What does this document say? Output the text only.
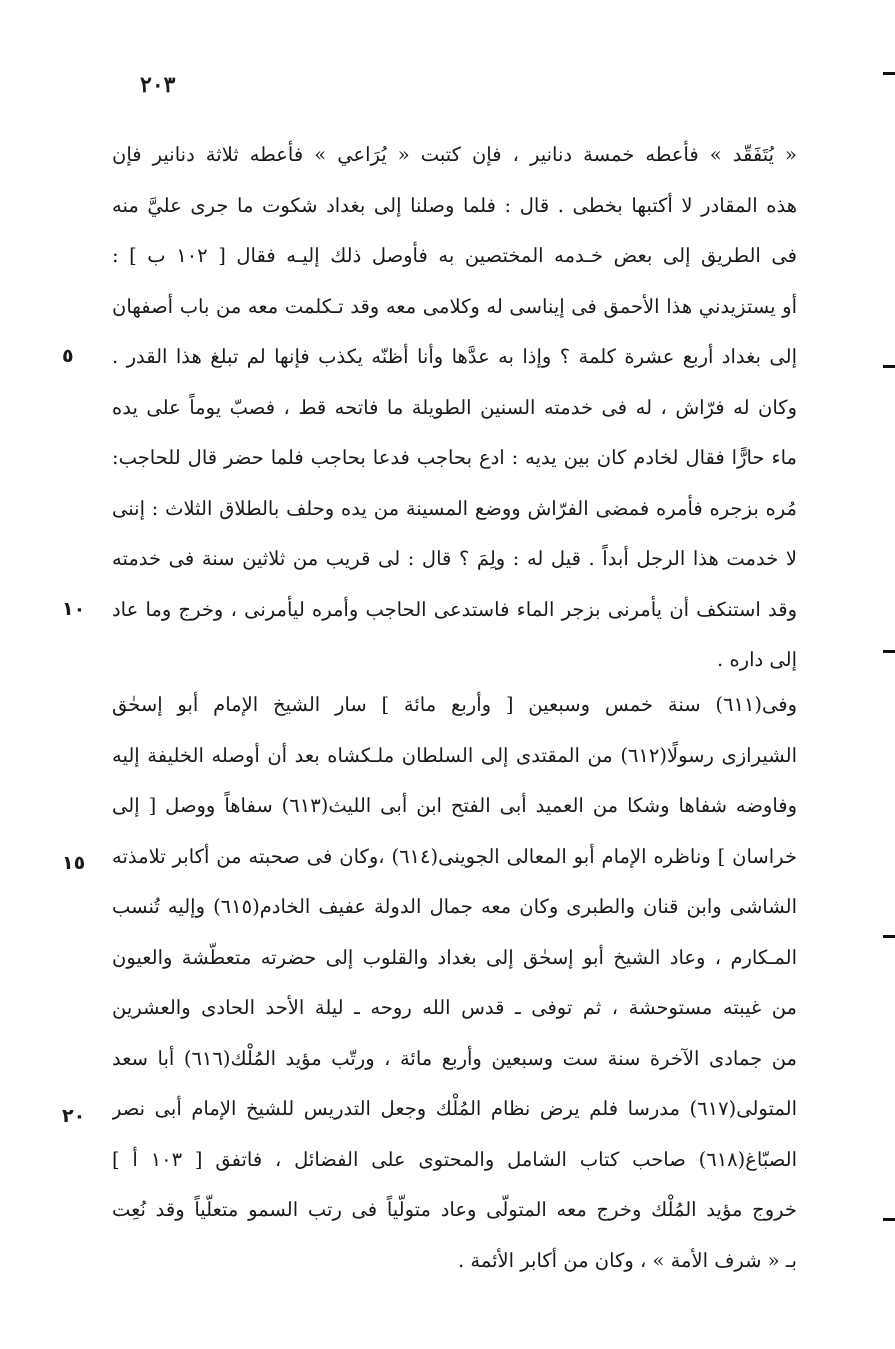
٢٠٣
٥
١٠
١٥
٢٠
« يُتَفَقّد » فأعطه خمسة دنانير ، فإن كتبت « يُرَاعي » فأعطه ثلاثة دنانير فإن
هذه المقادر لا أكتبها بخطى . قال : فلما وصلنا إلى بغداد شكوت ما جرى عليَّ منه
فى الطريق إلى بعض خـدمه المختصين به فأوصل ذلك إليـه فقال [ ١٠٢ ب ] :
أو يستزيدني هذا الأحمق فى إيناسى له وكلامى معه وقد تـكلمت معه من باب أصفهان
إلى بغداد أربع عشرة كلمة ؟ وإذا به عدَّها وأنا أظنّه يكذب فإنها لم تبلغ هذا القدر .
وكان له فرّاش ، له فى خدمته السنين الطويلة ما فاتحه قط ، فصبّ يوماً على يده
ماء حارًّا فقال لخادم كان بين يديه : ادع بحاجب فدعا بحاجب فلما حضر قال للحاجب:
مُره بزجره فأمره فمضى الفرّاش ووضع المسينة من يده وحلف بالطلاق الثلاث : إننى
لا خدمت هذا الرجل أبداً . قيل له : ولِمَ ؟ قال : لى قريب من ثلاثين سنة فى خدمته
وقد استنكف أن يأمرنى بزجر الماء فاستدعى الحاجب وأمره ليأمرنى ، وخرج وما عاد
إلى داره .
وفى(٦١١) سنة خمس وسبعين [ وأربع مائة ] سار الشيخ الإمام أبو إسحٰق
الشيرازى رسولًا(٦١٢) من المقتدى إلى السلطان ملـكشاه بعد أن أوصله الخليفة إليه
وفاوضه شفاها وشكا من العميد أبى الفتح ابن أبى الليث(٦١٣) سفاهاً ووصل [ إلى
خراسان ] وناظره الإمام أبو المعالى الجوينى(٦١٤) ،وكان فى صحبته من أكابر تلامذته
الشاشى وابن قنان والطبرى وكان معه جمال الدولة عفيف الخادم(٦١٥) وإليه تُنسب
المـكارم ، وعاد الشيخ أبو إسحٰق إلى بغداد والقلوب إلى حضرته متعطّشة والعيون
من غيبته مستوحشة ، ثم توفى ـ قدس الله روحه ـ ليلة الأحد الحادى والعشرين
من جمادى الآخرة سنة ست وسبعين وأربع مائة ، ورتّب مؤيد المُلْك(٦١٦) أبا سعد
المتولى(٦١٧) مدرسا فلم يرض نظام المُلْك وجعل التدريس للشيخ الإمام أبى نصر
الصبّاغ(٦١٨) صاحب كتاب الشامل والمحتوى على الفضائل ، فاتفق [ ١٠٣ أ ]
خروج مؤيد المُلْك وخرج معه المتولّى وعاد متولّياً فى رتب السمو متعلّياً وقد نُعِت
بـ « شرف الأمة » ، وكان من أكابر الأئمة .
